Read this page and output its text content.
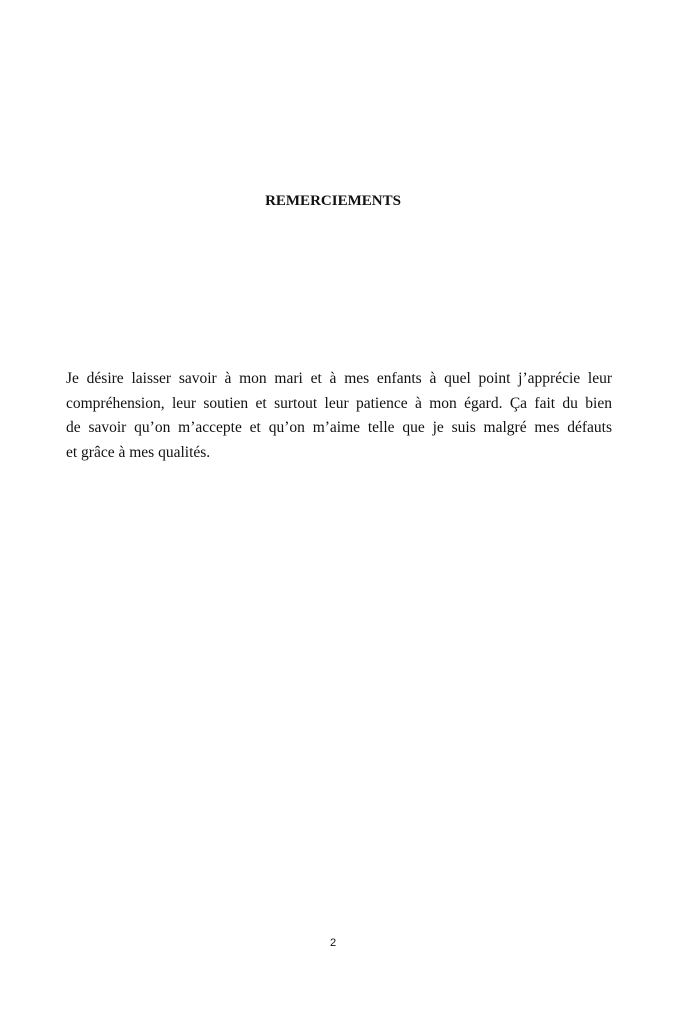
REMERCIEMENTS
Je désire laisser savoir à mon mari et à mes enfants à quel point j’apprécie leur
compréhension, leur soutien et surtout leur patience à mon égard. Ça fait du bien
de savoir qu’on m’accepte et qu’on m’aime telle que je suis malgré mes défauts
et grâce à mes qualités.
2
